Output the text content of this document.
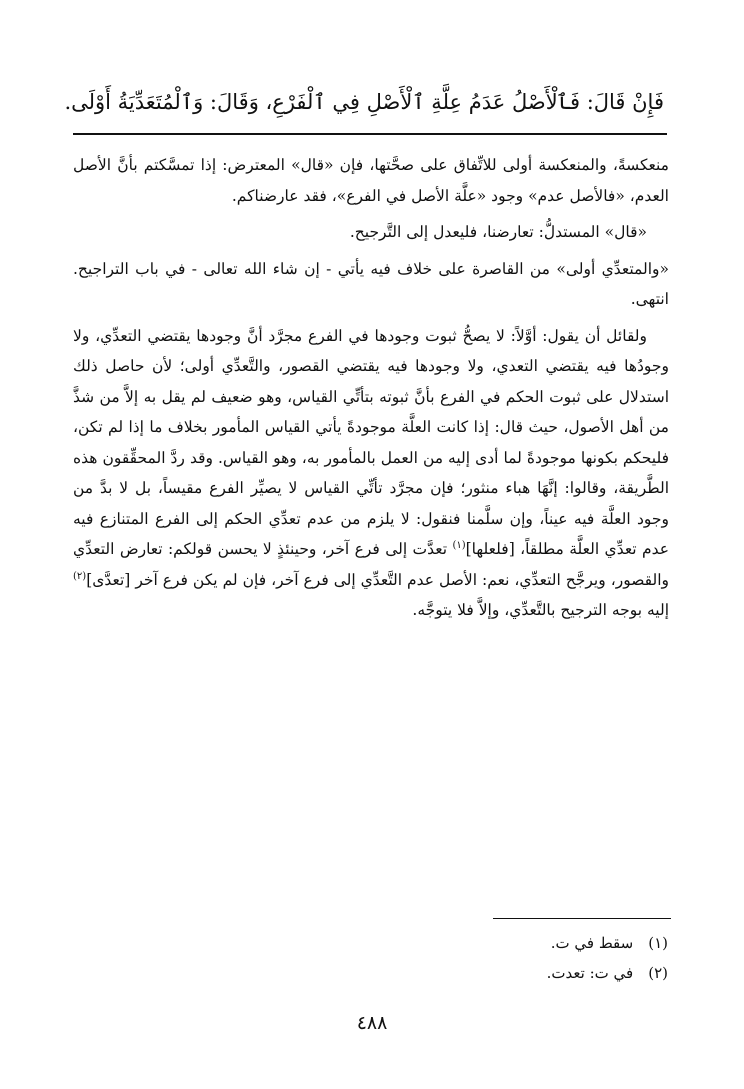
فَإِنْ قَالَ: فَٱلْأَصْلُ عَدَمُ عِلَّةِ ٱلْأَصْلِ فِي ٱلْفَرْعِ، وَقَالَ: وَٱلْمُتَعَدِّيَةُ أَوْلَى.

منعكسةً، والمنعكسة أولى للاتِّفاق على صحَّتها، فإن «قال» المعترض: إذا تمسَّكتم بأنَّ الأصل العدم، «فالأصل عدم» وجود «علَّة الأصل في الفرع»، فقد عارضناكم.

«قال» المستدلُّ: تعارضنا، فليعدل إلى التَّرجيح.

«والمتعدِّي أولى» من القاصرة على خلاف فيه يأتي - إن شاء الله تعالى - في باب التراجيح. انتهى.

ولقائل أن يقول: أوَّلاً: لا يصحُّ ثبوت وجودها في الفرع مجرَّد أنَّ وجودها يقتضي التعدِّي، ولا وجودُها فيه يقتضي التعدي، ولا وجودها فيه يقتضي القصور، والتَّعدِّي أولى؛ لأن حاصل ذلك استدلال على ثبوت الحكم في الفرع بأنَّ ثبوته بتأتِّي القياس، وهو ضعيف لم يقل به إلاَّ من شذَّ من أهل الأصول، حيث قال: إذا كانت العلَّة موجودةً يأتي القياس المأمور بخلاف ما إذا لم تكن، فليحكم بكونها موجودةً لما أدى إليه من العمل بالمأمور به، وهو القياس. وقد ردَّ المحقِّقون هذه الطَّريقة، وقالوا: إنَّهَا هباء منثور؛ فإن مجرَّد تأتِّي القياس لا يصيِّر الفرع مقيساً، بل لا بدَّ من وجود العلَّة فيه عيناً، وإن سلَّمنا فنقول: لا يلزم من عدم تعدِّي الحكم إلى الفرع المتنازع فيه عدم تعدِّي العلَّة مطلقاً، [فلعلها]$^{(١)}$ تعدَّت إلى فرع آخر، وحينئذٍ لا يحسن قولكم: تعارض التعدِّي والقصور، ويرجَّح التعدِّي، نعم: الأصل عدم التَّعدِّي إلى فرع آخر، فإن لم يكن فرع آخر [تعدَّى]$^{(٢)}$ إليه بوجه الترجيح بالتَّعدِّي، وإلاَّ فلا يتوجَّه.

(١) سقط في ت.
(٢) في ت: تعدت.
٤٨٨
